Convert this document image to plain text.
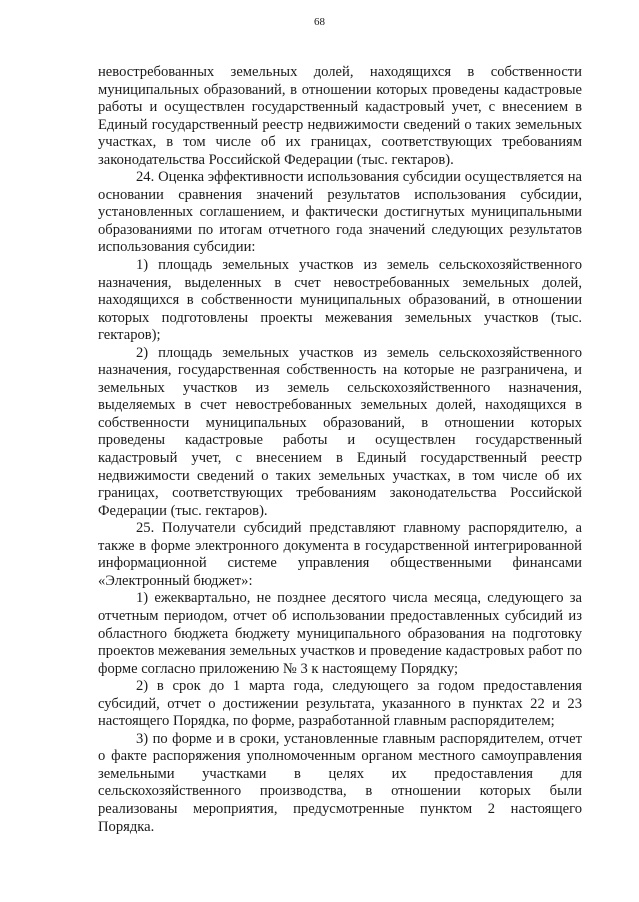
68

невостребованных земельных долей, находящихся в собственности муниципальных образований, в отношении которых проведены кадастровые работы и осуществлен государственный кадастровый учет, с внесением в Единый государственный реестр недвижимости сведений о таких земельных участках, в том числе об их границах, соответствующих требованиям законодательства Российской Федерации (тыс. гектаров).

24. Оценка эффективности использования субсидии осуществляется на основании сравнения значений результатов использования субсидии, установленных соглашением, и фактически достигнутых муниципальными образованиями по итогам отчетного года значений следующих результатов использования субсидии:

1) площадь земельных участков из земель сельскохозяйственного назначения, выделенных в счет невостребованных земельных долей, находящихся в собственности муниципальных образований, в отношении которых подготовлены проекты межевания земельных участков (тыс. гектаров);

2) площадь земельных участков из земель сельскохозяйственного назначения, государственная собственность на которые не разграничена, и земельных участков из земель сельскохозяйственного назначения, выделяемых в счет невостребованных земельных долей, находящихся в собственности муниципальных образований, в отношении которых проведены кадастровые работы и осуществлен государственный кадастровый учет, с внесением в Единый государственный реестр недвижимости сведений о таких земельных участках, в том числе об их границах, соответствующих требованиям законодательства Российской Федерации (тыс. гектаров).

25. Получатели субсидий представляют главному распорядителю, а также в форме электронного документа в государственной интегрированной информационной системе управления общественными финансами «Электронный бюджет»:

1) ежеквартально, не позднее десятого числа месяца, следующего за отчетным периодом, отчет об использовании предоставленных субсидий из областного бюджета бюджету муниципального образования на подготовку проектов межевания земельных участков и проведение кадастровых работ по форме согласно приложению № 3 к настоящему Порядку;

2) в срок до 1 марта года, следующего за годом предоставления субсидий, отчет о достижении результата, указанного в пунктах 22 и 23 настоящего Порядка, по форме, разработанной главным распорядителем;

3) по форме и в сроки, установленные главным распорядителем, отчет о факте распоряжения уполномоченным органом местного самоуправления земельными участками в целях их предоставления для сельскохозяйственного производства, в отношении которых были реализованы мероприятия, предусмотренные пунктом 2 настоящего Порядка.
